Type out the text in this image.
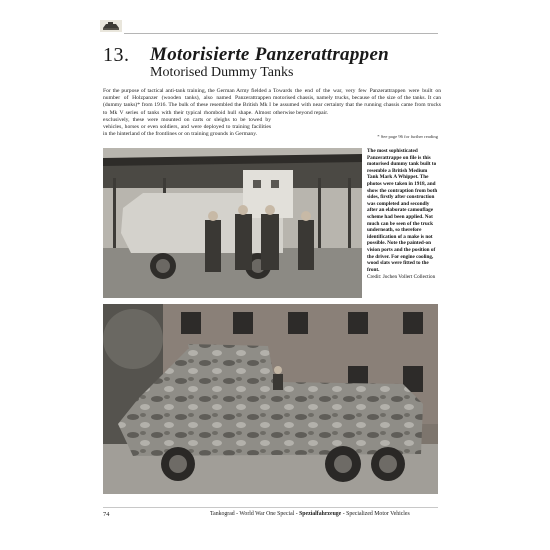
13. Motorisierte Panzerattrappen
Motorised Dummy Tanks
For the purpose of tactical anti-tank training, the German Army fielded a number of Holzpanzer (wooden tanks), also named Panzerattrappen (dummy tanks)* from 1916. The bulk of these resembled the British Mk I to Mk V series of tanks with their typical rhomboid hull shape. Almost exclusively, these were mounted on carts or sleighs to be towed by vehicles, horses or even soldiers, and were deployed to training facilities in the hinterland of the frontlines or on training grounds in Germany.
Towards the end of the war, very few Panzerattrappen were built on motorised chassis, namely trucks, because of the size of the tanks. It can be assumed with near certainty that the running chassis came from trucks otherwise beyond repair.
* See page 96 for further reading
The most sophisticated Panzerattrappe on file is this motorised dummy tank built to resemble a British Medium Tank Mark A Whippet. The photos were taken in 1918, and show the contraption from both sides, firstly after construction was completed and secondly after an elaborate camouflage scheme had been applied. Not much can be seen of the truck underneath, so therefore identification of a make is not possible. Note the painted-on vision ports and the position of the driver. For engine cooling, wood slats were fitted to the front.
Credit: Jochen Vollert Collection
74	Tankograd - World War One Special - Spezialfahrzeuge - Specialized Motor Vehicles
